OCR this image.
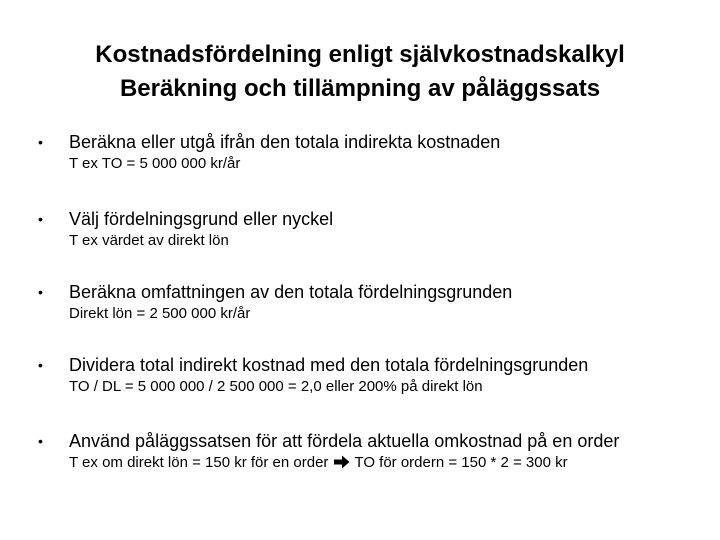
Kostnadsfördelning enligt självkostnadskalkyl
Beräkning och tillämpning av påläggssats
• Beräkna eller utgå ifrån den totala indirekta kostnaden
T ex TO = 5 000 000 kr/år
• Välj fördelningsgrund eller nyckel
T ex värdet av direkt lön
• Beräkna omfattningen av den totala fördelningsgrunden
Direkt lön = 2 500 000 kr/år
• Dividera total indirekt kostnad med den totala fördelningsgrunden
TO / DL = 5 000 000 / 2 500 000 = 2,0 eller 200% på direkt lön
• Använd påläggssatsen för att fördela aktuella omkostnad på en order
T ex om direkt lön = 150 kr för en order TO för ordern = 150 * 2 = 300 kr
